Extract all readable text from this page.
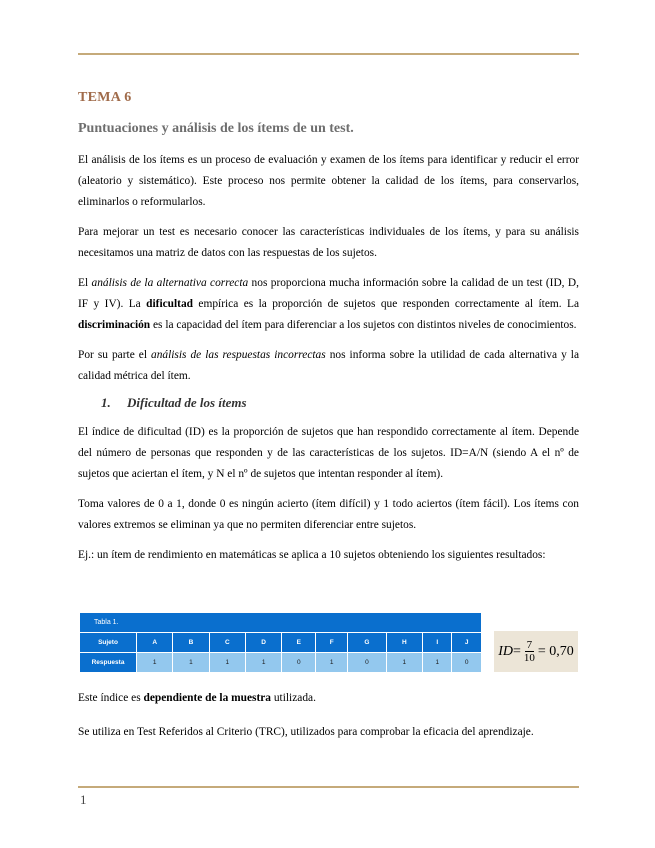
TEMA 6
Puntuaciones y análisis de los ítems de un test.

El análisis de los ítems es un proceso de evaluación y examen de los ítems para identificar y reducir el error (aleatorio y sistemático). Este proceso nos permite obtener la calidad de los ítems, para conservarlos, eliminarlos o reformularlos.

Para mejorar un test es necesario conocer las características individuales de los ítems, y para su análisis necesitamos una matriz de datos con las respuestas de los sujetos.

El análisis de la alternativa correcta nos proporciona mucha información sobre la calidad de un test (ID, D, IF y IV). La dificultad empírica es la proporción de sujetos que responden correctamente al ítem. La discriminación es la capacidad del ítem para diferenciar a los sujetos con distintos niveles de conocimientos.

Por su parte el análisis de las respuestas incorrectas nos informa sobre la utilidad de cada alternativa y la calidad métrica del ítem.

1. Dificultad de los ítems

El índice de dificultad (ID) es la proporción de sujetos que han respondido correctamente al ítem. Depende del número de personas que responden y de las características de los sujetos. ID=A/N (siendo A el nº de sujetos que aciertan el ítem, y N el nº de sujetos que intentan responder al ítem).

Toma valores de 0 a 1, donde 0 es ningún acierto (ítem difícil) y 1 todo aciertos (ítem fácil). Los ítems con valores extremos se eliminan ya que no permiten diferenciar entre sujetos.

Ej.: un ítem de rendimiento en matemáticas se aplica a 10 sujetos obteniendo los siguientes resultados:

Tabla 1.										
Sujeto	A	B	C	D	E	F	G	H	I	J
Respuesta	1	1	1	1	0	1	0	1	1	0
ID = $\frac{7}{10} = 0,70$

Este índice es dependiente de la muestra utilizada.

Se utiliza en Test Referidos al Criterio (TRC), utilizados para comprobar la eficacia del aprendizaje.

1
